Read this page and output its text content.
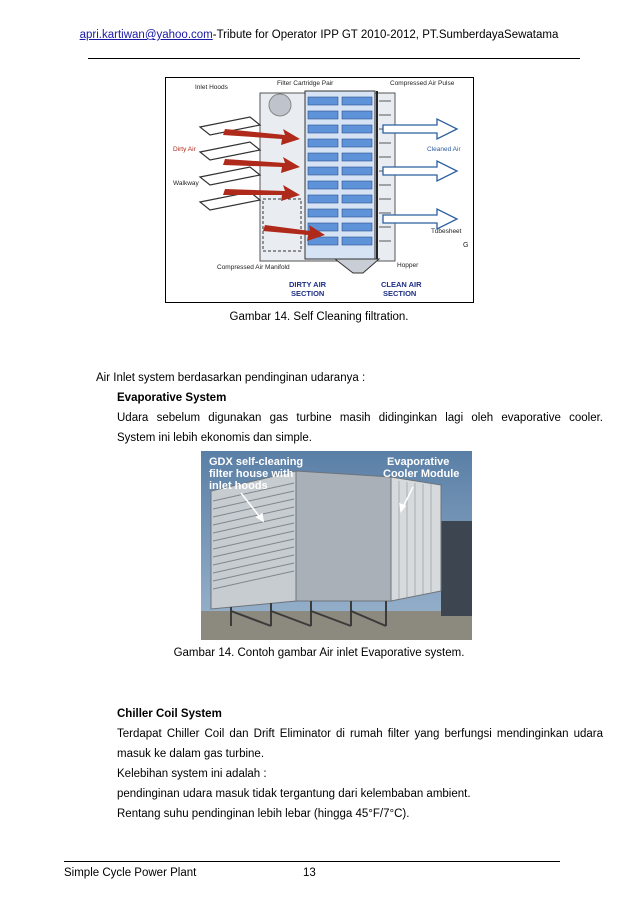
apri.kartiwan@yahoo.com-Tribute for Operator IPP GT 2010-2012, PT.SumberdayaSewatama
Inlet Hoods
Filter Cartridge Pair	Compressed Air Pulse
Dirty Air
Walkway
Cleaned Air
Tubesheet
G
Compressed Air Manifold	Hopper
DIRTY AIR
SECTION
CLEAN AIR
SECTION
Gambar 14. Self Cleaning filtration.
Air Inlet system berdasarkan pendinginan udaranya :
Evaporative System
Udara sebelum digunakan gas turbine masih didinginkan lagi oleh evaporative cooler.
System ini lebih ekonomis dan simple.
GDX self-cleaning
filter house with
inlet hoods
Evaporative
Cooler Module
Gambar 14. Contoh gambar Air inlet Evaporative system.
Chiller Coil System
Terdapat Chiller Coil dan Drift Eliminator di rumah filter yang berfungsi mendinginkan udara
masuk ke dalam gas turbine.
Kelebihan system ini adalah :
pendinginan udara masuk tidak tergantung dari kelembaban ambient.
Rentang suhu pendinginan lebih lebar (hingga 45°F/7°C).
Simple Cycle Power Plant	13
